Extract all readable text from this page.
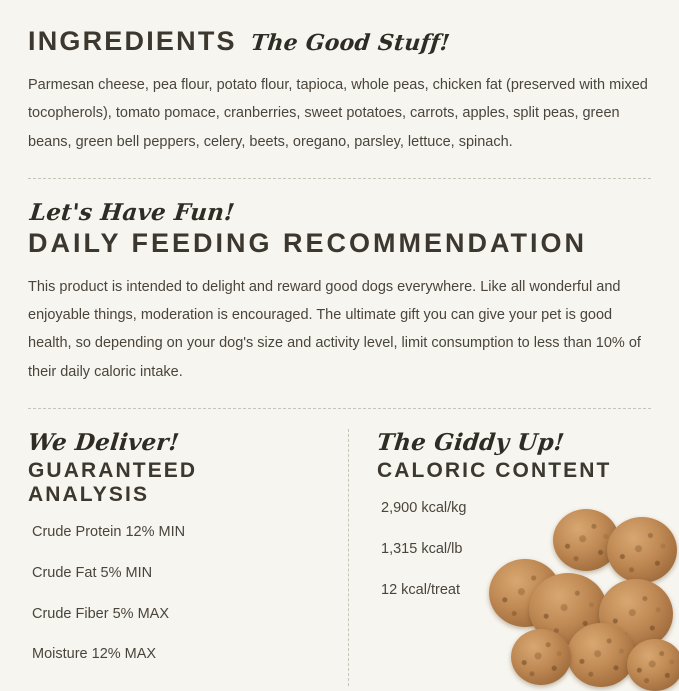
INGREDIENTS The Good Stuff!

Parmesan cheese, pea flour, potato flour, tapioca, whole peas, chicken fat (preserved with mixed tocopherols), tomato pomace, cranberries, sweet potatoes, carrots, apples, split peas, green beans, green bell peppers, celery, beets, oregano, parsley, lettuce, spinach.

Let's Have Fun!
DAILY FEEDING RECOMMENDATION

This product is intended to delight and reward good dogs everywhere. Like all wonderful and enjoyable things, moderation is encouraged. The ultimate gift you can give your pet is good health, so depending on your dog's size and activity level, limit consumption to less than 10% of their daily caloric intake.

We Deliver!
GUARANTEED ANALYSIS
Crude Protein 12% MIN
Crude Fat 5% MIN
Crude Fiber 5% MAX
Moisture 12% MAX
The Giddy Up!
CALORIC CONTENT
2,900 kcal/kg
1,315 kcal/lb
12 kcal/treat
